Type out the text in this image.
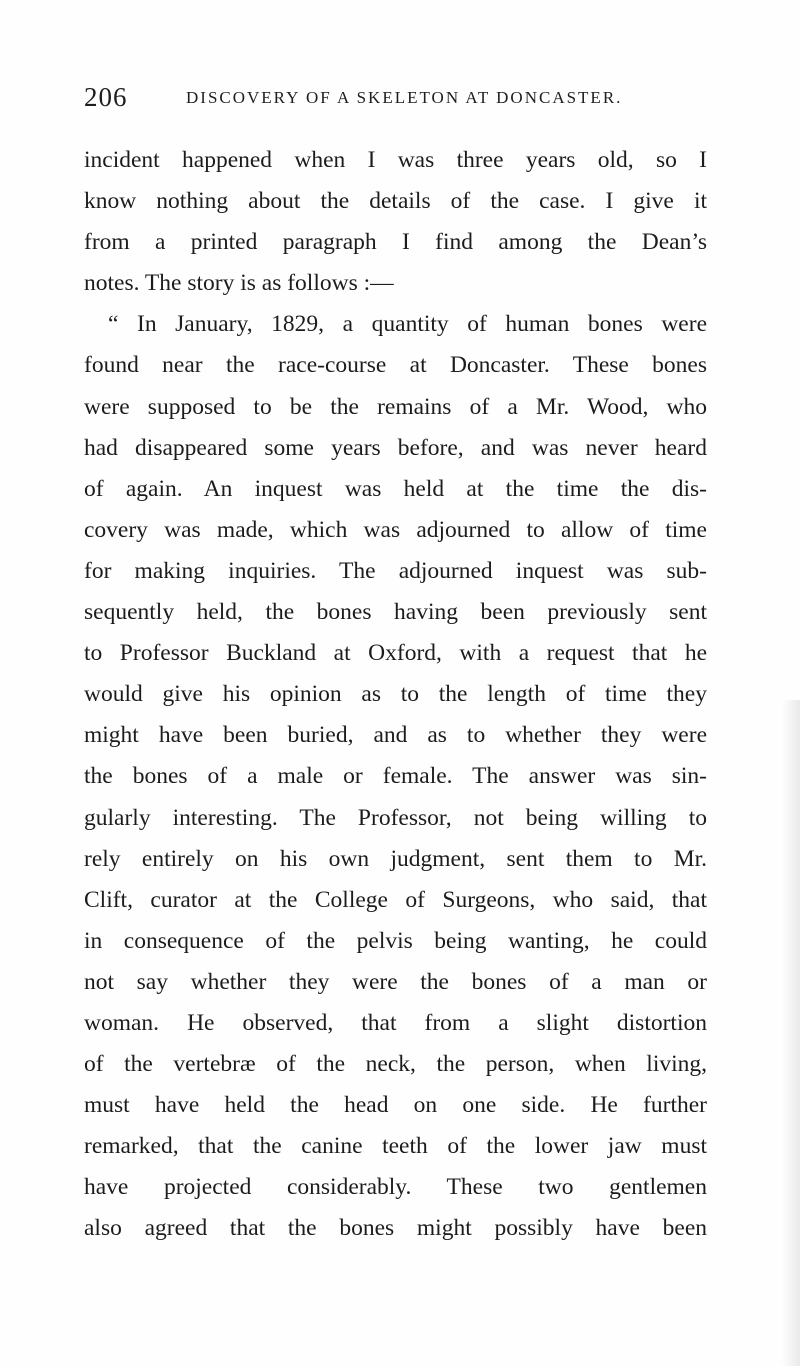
206	DISCOVERY OF A SKELETON AT DONCASTER.
incident happened when I was three years old, so I
know nothing about the details of the case. I give it
from a printed paragraph I find among the Dean’s
notes. The story is as follows :—
“ In January, 1829, a quantity of human bones were
found near the race-course at Doncaster. These bones
were supposed to be the remains of a Mr. Wood, who
had disappeared some years before, and was never heard
of again. An inquest was held at the time the dis-
covery was made, which was adjourned to allow of time
for making inquiries. The adjourned inquest was sub-
sequently held, the bones having been previously sent
to Professor Buckland at Oxford, with a request that he
would give his opinion as to the length of time they
might have been buried, and as to whether they were
the bones of a male or female. The answer was sin-
gularly interesting. The Professor, not being willing to
rely entirely on his own judgment, sent them to Mr.
Clift, curator at the College of Surgeons, who said, that
in consequence of the pelvis being wanting, he could
not say whether they were the bones of a man or
woman. He observed, that from a slight distortion
of the vertebræ of the neck, the person, when living,
must have held the head on one side. He further
remarked, that the canine teeth of the lower jaw must
have projected considerably. These two gentlemen
also agreed that the bones might possibly have been
